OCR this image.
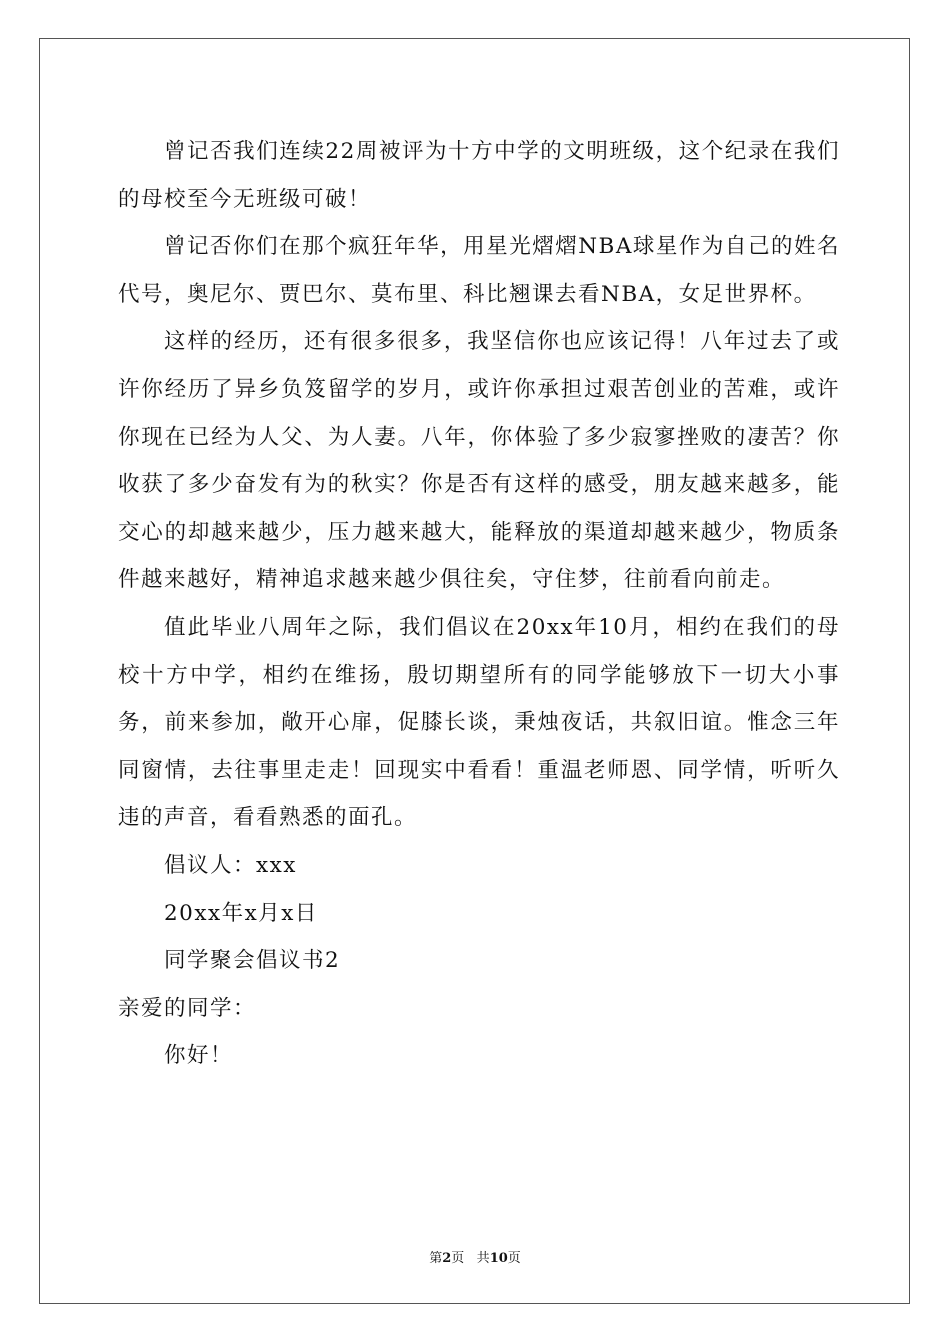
曾记否我们连续22周被评为十方中学的文明班级，这个纪录在我们的母校至今无班级可破！

曾记否你们在那个疯狂年华，用星光熠熠NBA球星作为自己的姓名代号，奥尼尔、贾巴尔、莫布里、科比翘课去看NBA，女足世界杯。

这样的经历，还有很多很多，我坚信你也应该记得！八年过去了或许你经历了异乡负笈留学的岁月，或许你承担过艰苦创业的苦难，或许你现在已经为人父、为人妻。八年，你体验了多少寂寥挫败的凄苦？你收获了多少奋发有为的秋实？你是否有这样的感受，朋友越来越多，能交心的却越来越少，压力越来越大，能释放的渠道却越来越少，物质条件越来越好，精神追求越来越少俱往矣，守住梦，往前看向前走。

值此毕业八周年之际，我们倡议在20xx年10月，相约在我们的母校十方中学，相约在维扬，殷切期望所有的同学能够放下一切大小事务，前来参加，敞开心扉，促膝长谈，秉烛夜话，共叙旧谊。惟念三年同窗情，去往事里走走！回现实中看看！重温老师恩、同学情，听听久违的声音，看看熟悉的面孔。

倡议人：xxx

20xx年x月x日

同学聚会倡议书2

亲爱的同学：

你好！

第2页 共10页
